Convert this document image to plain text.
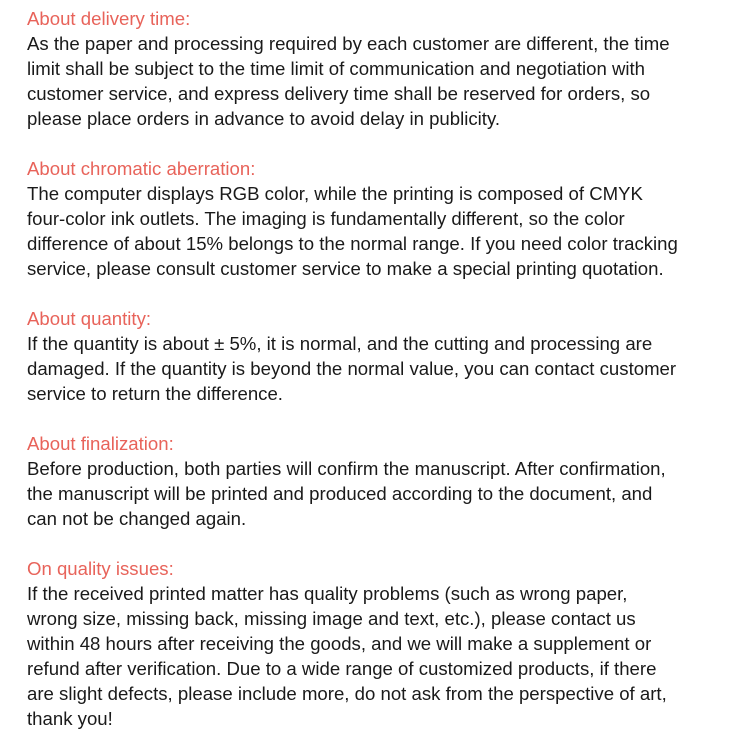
About delivery time:
As the paper and processing required by each customer are different, the time
limit shall be subject to the time limit of communication and negotiation with
customer service, and express delivery time shall be reserved for orders, so
please place orders in advance to avoid delay in publicity.
About chromatic aberration:
The computer displays RGB color, while the printing is composed of CMYK
four-color ink outlets. The imaging is fundamentally different, so the color
difference of about 15% belongs to the normal range. If you need color tracking
service, please consult customer service to make a special printing quotation.
About quantity:
If the quantity is about ± 5%, it is normal, and the cutting and processing are
damaged. If the quantity is beyond the normal value, you can contact customer
service to return the difference.
About finalization:
Before production, both parties will confirm the manuscript. After confirmation,
the manuscript will be printed and produced according to the document, and
can not be changed again.
On quality issues:
If the received printed matter has quality problems (such as wrong paper,
wrong size, missing back, missing image and text, etc.), please contact us
within 48 hours after receiving the goods, and we will make a supplement or
refund after verification. Due to a wide range of customized products, if there
are slight defects, please include more, do not ask from the perspective of art,
thank you!
